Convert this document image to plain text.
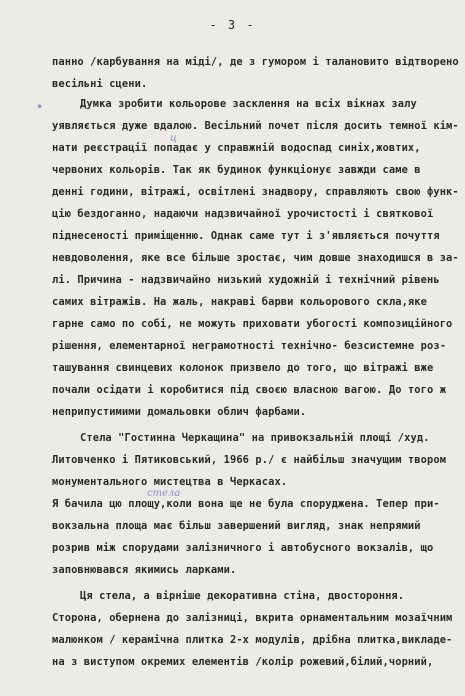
- 3 -
•
панно /карбування на міді/, де з гумором і талановито відтворено
весільні сцени.
Думка зробити кольорове засклення на всіх вікнах залу
уявляється дуже вдалою. Весільний почет після досить темної кім-
нати реєстрації попадає у справжній водоспад синіх,жовтих,
червоних кольорів. Так як будинок функціонує завжди саме в
денні години, вітражі, освітлені знадвору, справляють свою функ-
цію бездоганно, надаючи надзвичайної урочистості і святкової
піднесеності приміщенню. Однак саме тут і з'являється почуття
невдоволення, яке все більше зростає, чим довше знаходишся в за-
лі. Причина - надзвичайно низький художній і технічний рівень
самих вітражів. На жаль, накраві барви кольорового скла,яке
гарне само по собі, не можуть приховати убогості композиційного
рішення, елементарної неграмотності технічно- безсистемне роз-
ташування свинцевих колонок призвело до того, що вітражі вже
почали осідати і коробитися під своєю власною вагою. До того ж
неприпустимими домальовки облич фарбами.
Стела "Гостинна Черкащина" на привокзальній площі /худ.
Литовченко і Пятиковський, 1966 р./ є найбільш значущим твором
монументального мистецтва в Черкасах.
Я бачила цю площу,коли вона ще не була споруджена. Тепер при-
вокзальна площа має більш завершений вигляд, знак непрямий
розрив між спорудами залізничного і автобусного вокзалів, що
заповнювався якимись ларками.
Ця стела, а вірніше декоративна стіна, двостороння.
Сторона, обернена до залізниці, вкрита орнаментальним мозаїчним
малюнком / керамічна плитка 2-х модулів, дрібна плитка,викладе-
на з виступом окремих елементів /колір рожевий,білий,чорний,
стела
ц
